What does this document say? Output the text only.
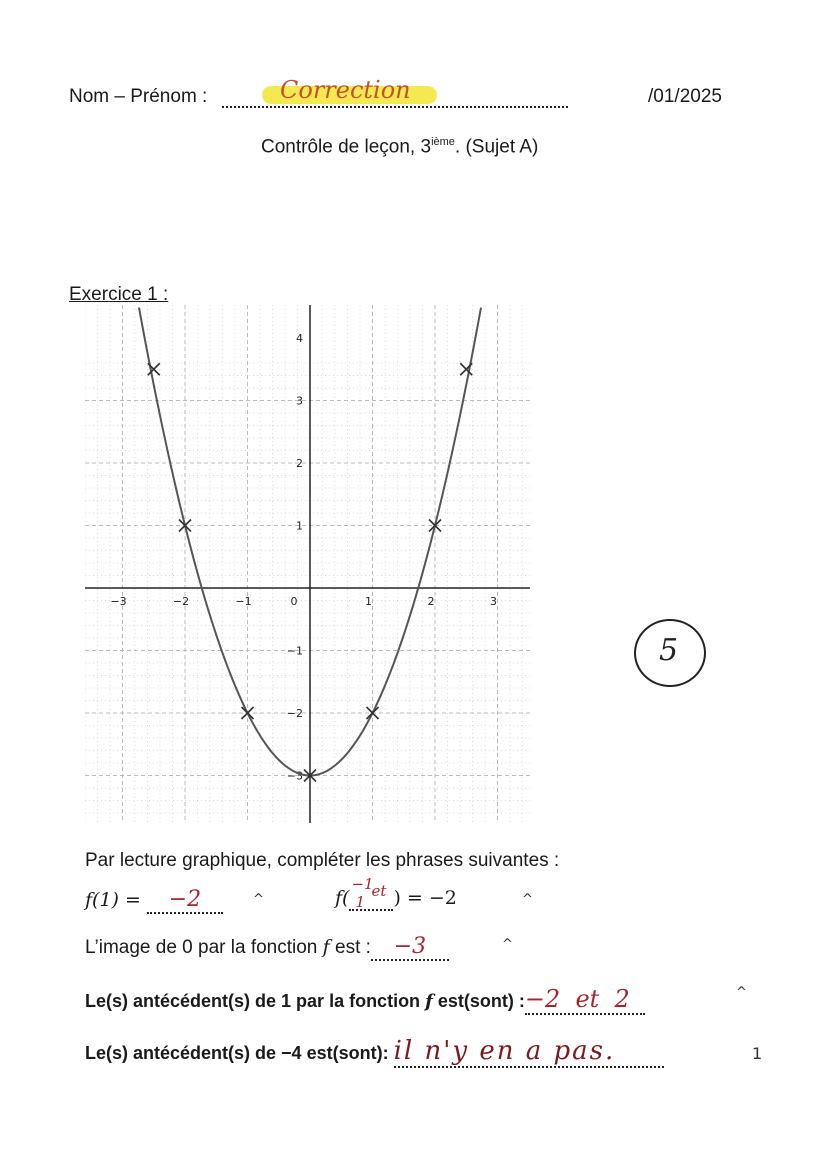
Nom – Prénom :	Correction	/01/2025
Contrôle de leçon, 3ième. (Sujet A)
Exercice 1 :
−3	−2	−1	0	1	2	3
4
3
2
1
−1
−2
−3
5
Par lecture graphique, compléter les phrases suivantes :
f(1) = −2	^	f(
−1
1
et ) = −2	^
L’image de 0 par la fonction f est : −3	^
Le(s) antécédent(s) de 1 par la fonction f est(sont) :−2  et  2	^
Le(s) antécédent(s) de −4 est(sont): il n'y en a pas.	1
